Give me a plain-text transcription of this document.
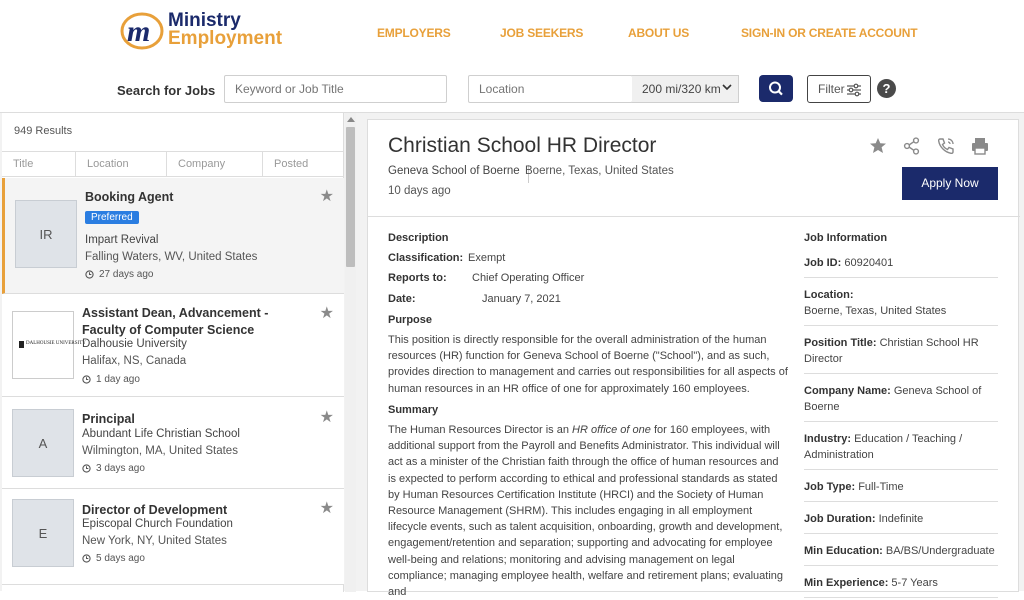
m Ministry
Employment	EMPLOYERS	JOB SEEKERS	ABOUT US	SIGN-IN OR CREATE ACCOUNT
Search for Jobs
Keyword or Job Title
Location	200 mi/320 km	Filter	?
949 Results
Title	Location	Company	Posted
IR
Booking Agent
Preferred
Impart Revival
Falling Waters, WV, United States
27 days ago
★
DALHOUSIE UNIVERSITY
Assistant Dean, Advancement - Faculty of Computer Science
Dalhousie University
Halifax, NS, Canada
1 day ago
★
A
Principal
Abundant Life Christian School
Wilmington, MA, United States
3 days ago
★
E
Director of Development
Episcopal Church Foundation
New York, NY, United States
5 days ago
★
Christian School HR Director
Geneva School of Boerne Boerne, Texas, United States
10 days ago
Apply Now
Description
Classification: Exempt
Reports to:	Chief Operating Officer
Date:	January 7, 2021
Purpose

This position is directly responsible for the overall administration of the human resources (HR) function for Geneva School of Boerne ("School"), and as such, provides direction to management and carries out responsibilities for all aspects of human resources in an HR office of one for approximately 160 employees.

Summary

The Human Resources Director is an HR office of one for 160 employees, with additional support from the Payroll and Benefits Administrator. This individual will act as a minister of the Christian faith through the office of human resources and is expected to perform according to ethical and professional standards as stated by Human Resources Certification Institute (HRCI) and the Society of Human Resource Management (SHRM). This includes engaging in all employment lifecycle events, such as talent acquisition, onboarding, growth and development, engagement/retention and separation; supporting and advocating for employee well-being and relations; monitoring and advising management on legal compliance; managing employee health, welfare and retirement plans; evaluating and

Job Information
Job ID: 60920401
Location:
Boerne, Texas, United States
Position Title: Christian School HR Director
Company Name: Geneva School of Boerne
Industry: Education / Teaching / Administration
Job Type: Full-Time
Job Duration: Indefinite
Min Education: BA/BS/Undergraduate
Min Experience: 5-7 Years
